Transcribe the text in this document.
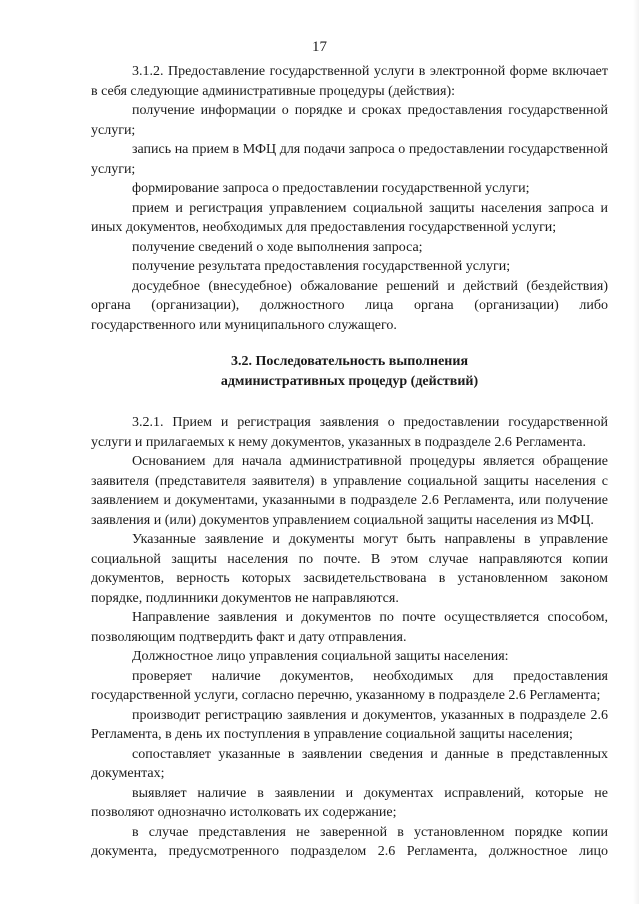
17

3.1.2. Предоставление государственной услуги в электронной форме включает в себя следующие административные процедуры (действия):

получение информации о порядке и сроках предоставления государственной услуги;

запись на прием в МФЦ для подачи запроса о предоставлении государственной услуги;

формирование запроса о предоставлении государственной услуги;

прием и регистрация управлением социальной защиты населения запроса и иных документов, необходимых для предоставления государственной услуги;

получение сведений о ходе выполнения запроса;

получение результата предоставления государственной услуги;

досудебное (внесудебное) обжалование решений и действий (бездействия) органа (организации), должностного лица органа (организации) либо государственного или муниципального служащего.

3.2. Последовательность выполнения
административных процедур (действий)

3.2.1. Прием и регистрация заявления о предоставлении государственной услуги и прилагаемых к нему документов, указанных в подразделе 2.6 Регламента.

Основанием для начала административной процедуры является обращение заявителя (представителя заявителя) в управление социальной защиты населения с заявлением и документами, указанными в подразделе 2.6 Регламента, или получение заявления и (или) документов управлением социальной защиты населения из МФЦ.

Указанные заявление и документы могут быть направлены в управление социальной защиты населения по почте. В этом случае направляются копии документов, верность которых засвидетельствована в установленном законом порядке, подлинники документов не направляются.

Направление заявления и документов по почте осуществляется способом, позволяющим подтвердить факт и дату отправления.

Должностное лицо управления социальной защиты населения:

проверяет наличие документов, необходимых для предоставления государственной услуги, согласно перечню, указанному в подразделе 2.6 Регламента;

производит регистрацию заявления и документов, указанных в подразделе 2.6 Регламента, в день их поступления в управление социальной защиты населения;

сопоставляет указанные в заявлении сведения и данные в представленных документах;

выявляет наличие в заявлении и документах исправлений, которые не позволяют однозначно истолковать их содержание;

в случае представления не заверенной в установленном порядке копии документа, предусмотренного подразделом 2.6 Регламента, должностное лицо
